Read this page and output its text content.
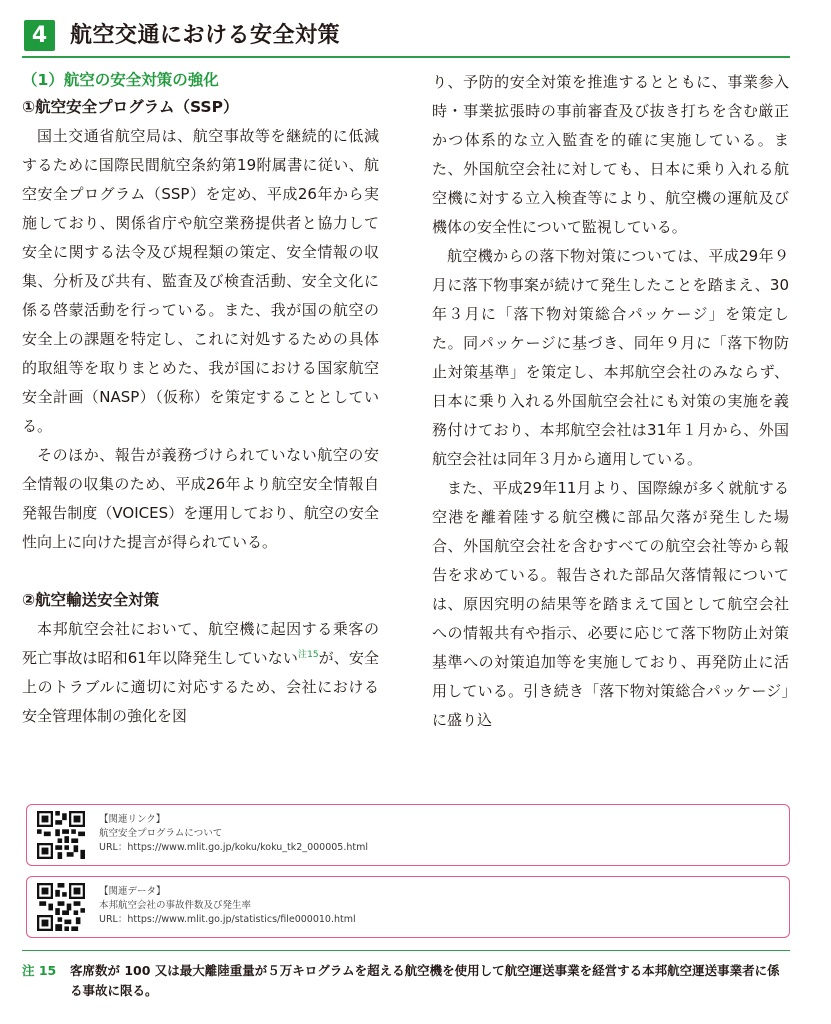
4	航空交通における安全対策
（1）航空の安全対策の強化
①航空安全プログラム（SSP）

国土交通省航空局は、航空事故等を継続的に低減するために国際民間航空条約第19附属書に従い、航空安全プログラム（SSP）を定め、平成26年から実施しており、関係省庁や航空業務提供者と協力して安全に関する法令及び規程類の策定、安全情報の収集、分析及び共有、監査及び検査活動、安全文化に係る啓蒙活動を行っている。また、我が国の航空の安全上の課題を特定し、これに対処するための具体的取組等を取りまとめた、我が国における国家航空安全計画（NASP）（仮称）を策定することとしている。

そのほか、報告が義務づけられていない航空の安全情報の収集のため、平成26年より航空安全情報自発報告制度（VOICES）を運用しており、航空の安全性向上に向けた提言が得られている。

②航空輸送安全対策

本邦航空会社において、航空機に起因する乗客の死亡事故は昭和61年以降発生していない$^{注15}$が、安全上のトラブルに適切に対応するため、会社における安全管理体制の強化を図

り、予防的安全対策を推進するとともに、事業参入時・事業拡張時の事前審査及び抜き打ちを含む厳正かつ体系的な立入監査を的確に実施している。また、外国航空会社に対しても、日本に乗り入れる航空機に対する立入検査等により、航空機の運航及び機体の安全性について監視している。

航空機からの落下物対策については、平成29年９月に落下物事案が続けて発生したことを踏まえ、30年３月に「落下物対策総合パッケージ」を策定した。同パッケージに基づき、同年９月に「落下物防止対策基準」を策定し、本邦航空会社のみならず、日本に乗り入れる外国航空会社にも対策の実施を義務付けており、本邦航空会社は31年１月から、外国航空会社は同年３月から適用している。

また、平成29年11月より、国際線が多く就航する空港を離着陸する航空機に部品欠落が発生した場合、外国航空会社を含むすべての航空会社等から報告を求めている。報告された部品欠落情報については、原因究明の結果等を踏まえて国として航空会社への情報共有や指示、必要に応じて落下物防止対策基準への対策追加等を実施しており、再発防止に活用している。引き続き「落下物対策総合パッケージ」に盛り込

【関連リンク】
航空安全プログラムについて
URL：https://www.mlit.go.jp/koku/koku_tk2_000005.html
【関連データ】
本邦航空会社の事故件数及び発生率
URL：https://www.mlit.go.jp/statistics/file000010.html
注 15 客席数が 100 又は最大離陸重量が５万キログラムを超える航空機を使用して航空運送事業を経営する本邦航空運送事業者に係る事故に限る。
